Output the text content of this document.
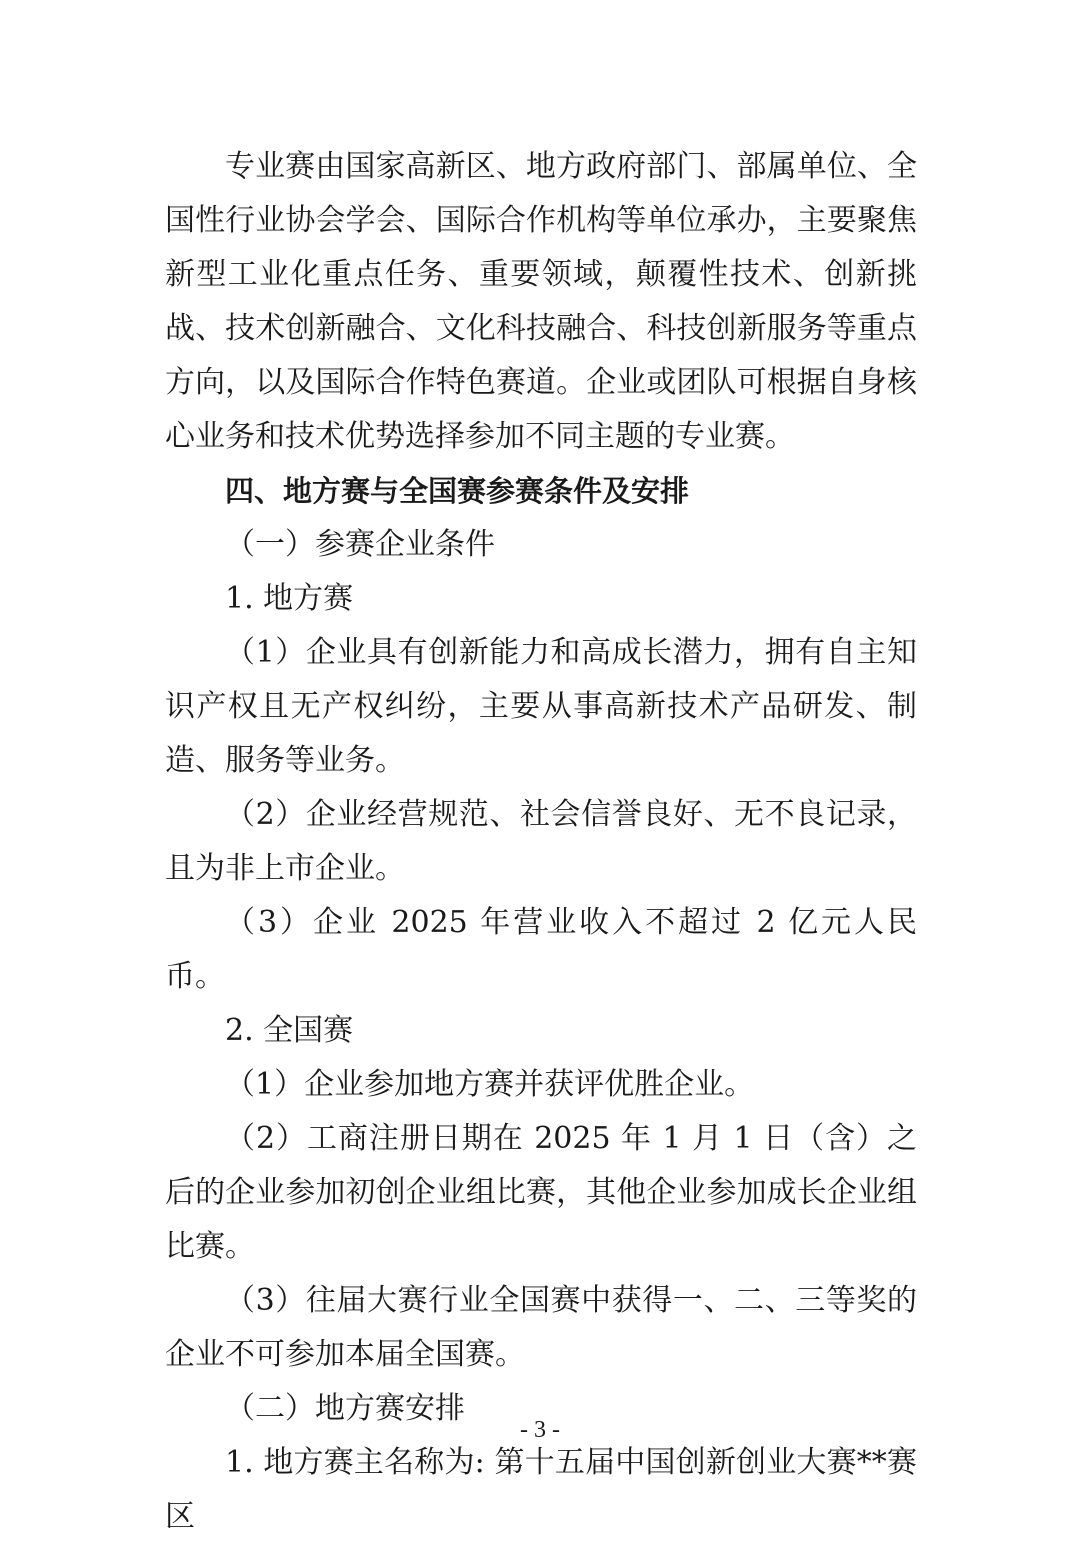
专业赛由国家高新区、地方政府部门、部属单位、全国性行业协会学会、国际合作机构等单位承办，主要聚焦新型工业化重点任务、重要领域，颠覆性技术、创新挑战、技术创新融合、文化科技融合、科技创新服务等重点方向，以及国际合作特色赛道。企业或团队可根据自身核心业务和技术优势选择参加不同主题的专业赛。

四、地方赛与全国赛参赛条件及安排

（一）参赛企业条件

1. 地方赛

（1）企业具有创新能力和高成长潜力，拥有自主知识产权且无产权纠纷，主要从事高新技术产品研发、制造、服务等业务。

（2）企业经营规范、社会信誉良好、无不良记录，且为非上市企业。

（3）企业 2025 年营业收入不超过 2 亿元人民币。

2. 全国赛

（1）企业参加地方赛并获评优胜企业。

（2）工商注册日期在 2025 年 1 月 1 日（含）之后的企业参加初创企业组比赛，其他企业参加成长企业组比赛。

（3）往届大赛行业全国赛中获得一、二、三等奖的企业不可参加本届全国赛。

（二）地方赛安排

1. 地方赛主名称为: 第十五届中国创新创业大赛**赛区

- 3 -
